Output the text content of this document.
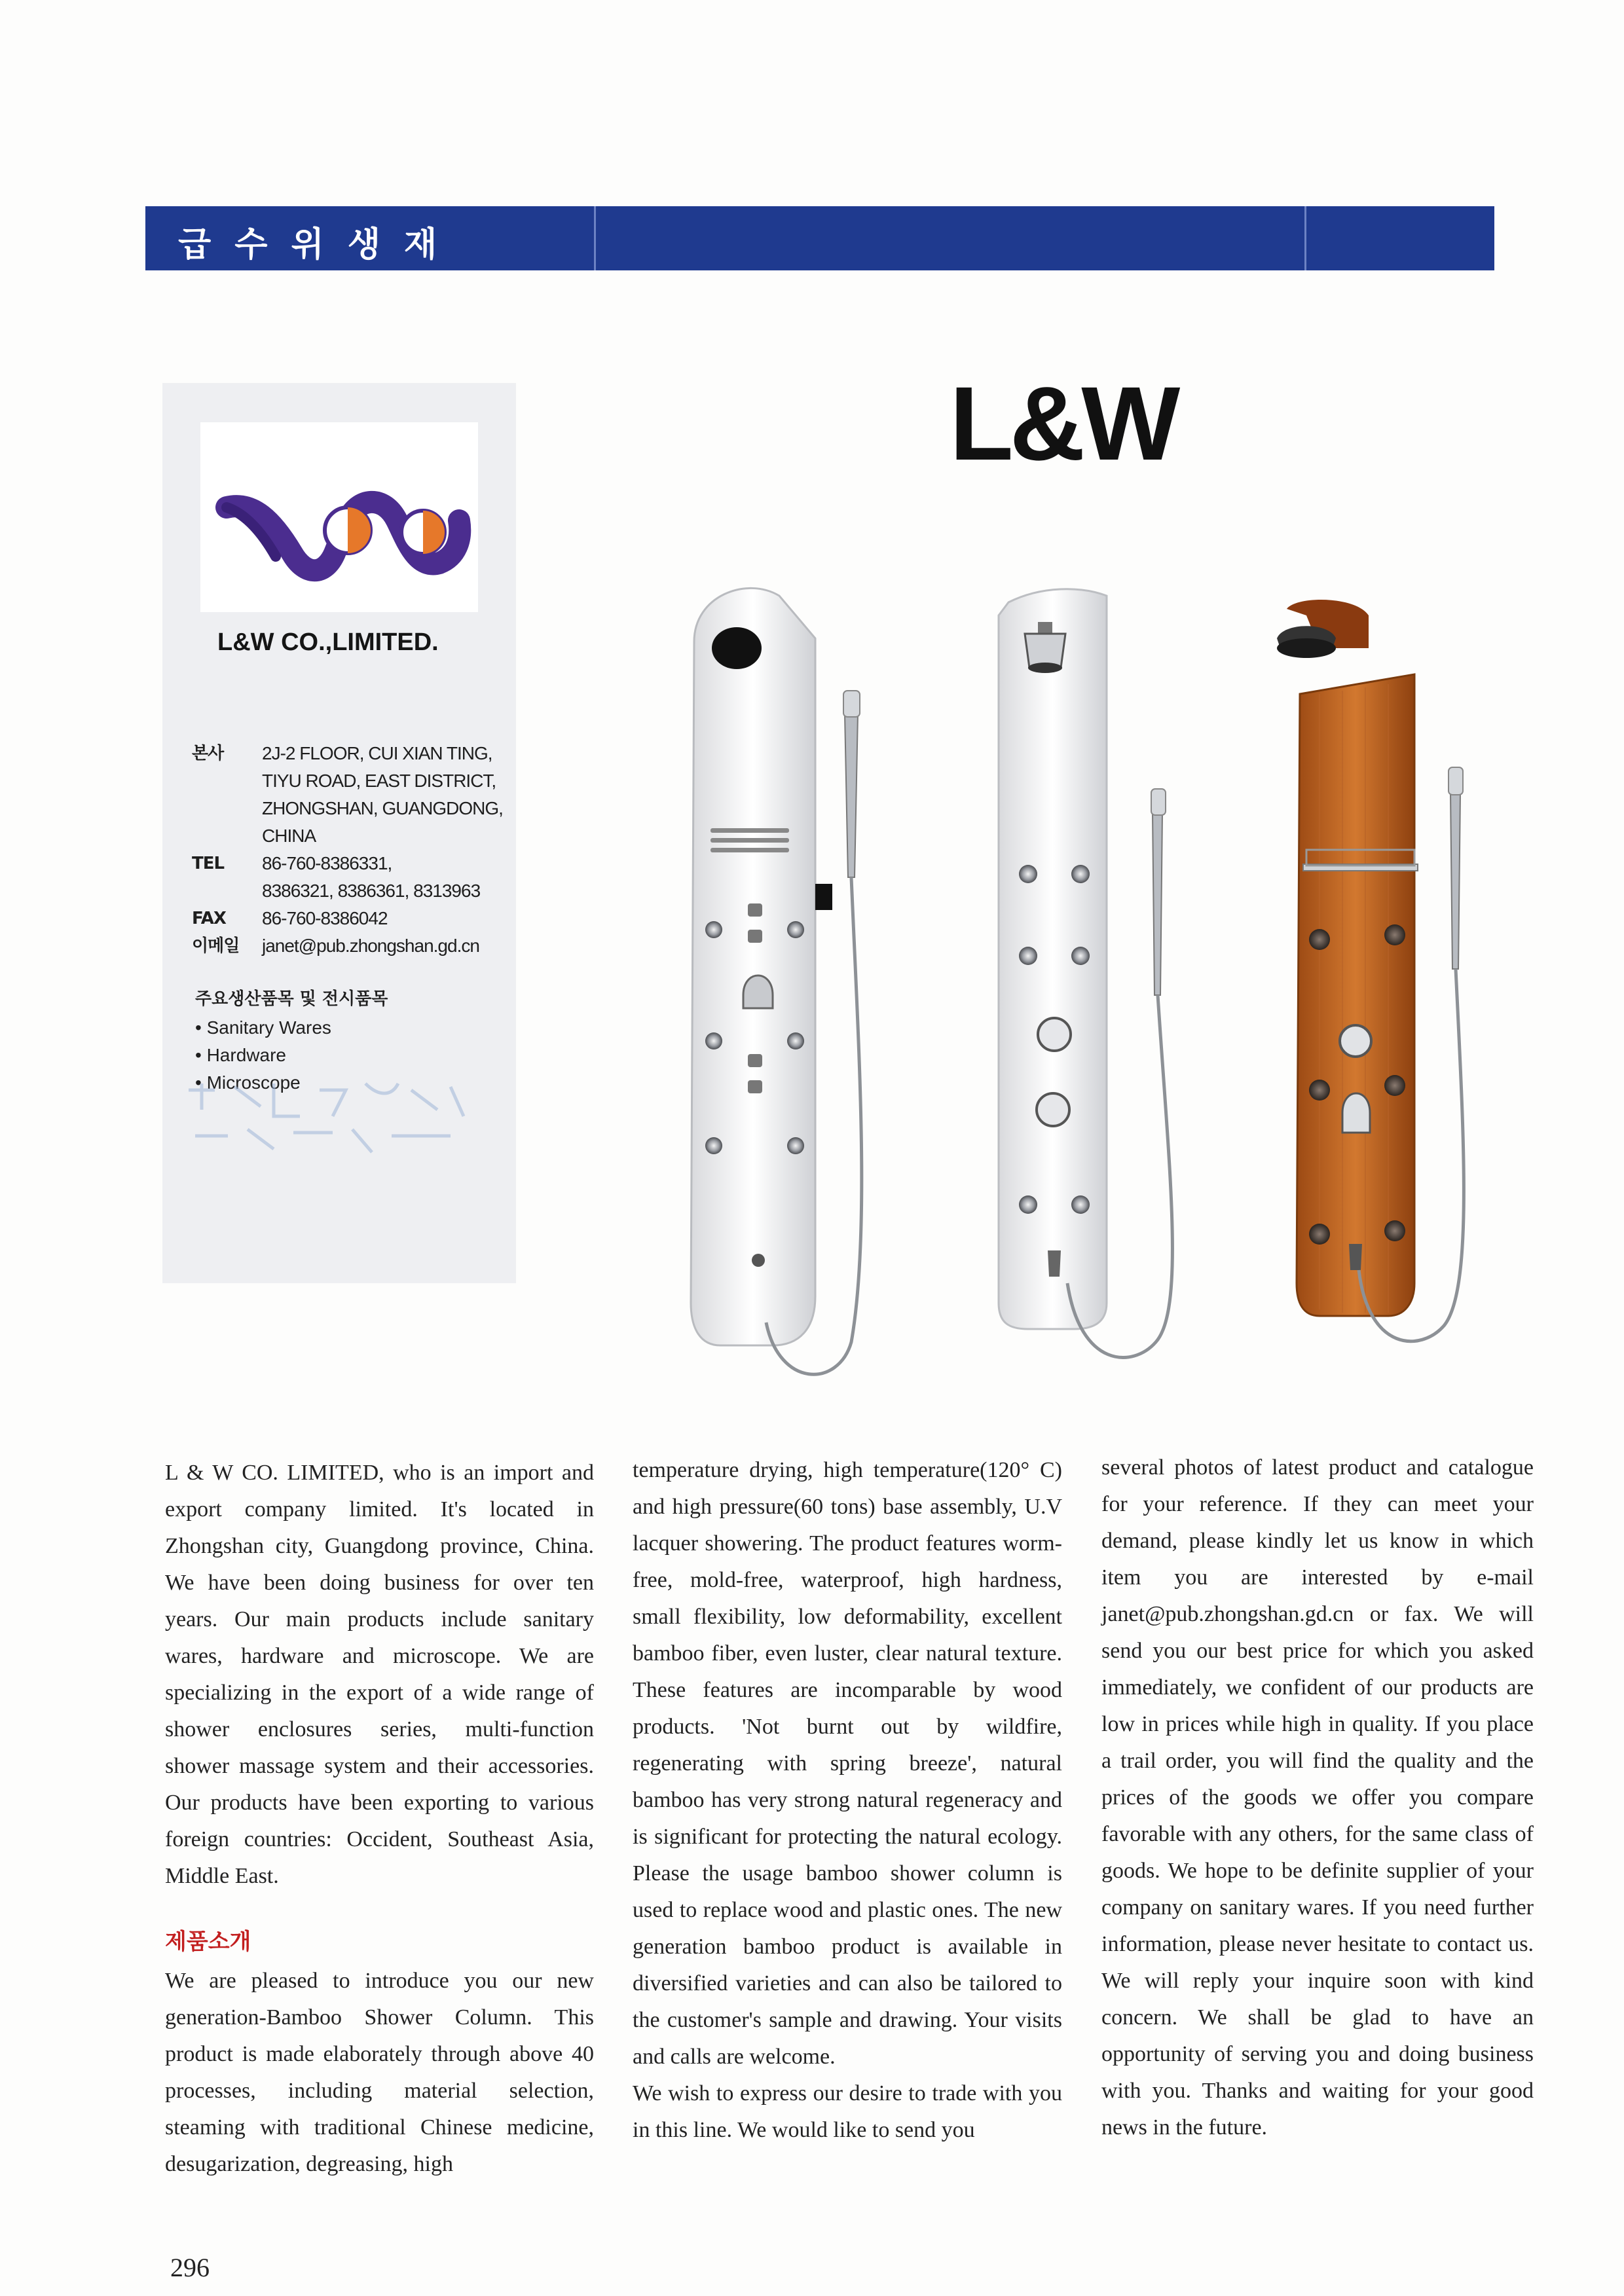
급수위생재
L&W
L&W CO.,LIMITED.
본사	2J-2 FLOOR, CUI XIAN TING,
TIYU ROAD, EAST DISTRICT,
ZHONGSHAN, GUANGDONG,
CHINA
TEL	86-760-8386331,
8386321, 8386361, 8313963
FAX	86-760-8386042
이메일	janet@pub.zhongshan.gd.cn
주요생산품목 및 전시품목
• Sanitary Wares
• Hardware
• Microscope

L & W CO. LIMITED, who is an import and export company limited. It's located in Zhongshan city, Guangdong province, China. We have been doing business for over ten years. Our main products include sanitary wares, hardware and microscope. We are specializing in the export of a wide range of shower enclosures series, multi-function shower massage system and their accessories. Our products have been exporting to various foreign countries: Occident, Southeast Asia, Middle East.

제품소개

We are pleased to introduce you our new generation-Bamboo Shower Column. This product is made elaborately through above 40 processes, including material selection, steaming with traditional Chinese medicine, desugarization, degreasing, high

temperature drying, high temperature(120° C) and high pressure(60 tons) base assembly, U.V lacquer showering. The product features worm-free, mold-free, waterproof, high hardness, small flexibility, low deformability, excellent bamboo fiber, even luster, clear natural texture. These features are incomparable by wood products. 'Not burnt out by wildfire, regenerating with spring breeze', natural bamboo has very strong natural regeneracy and is significant for protecting the natural ecology. Please the usage bamboo shower column is used to replace wood and plastic ones. The new generation bamboo product is available in diversified varieties and can also be tailored to the customer's sample and drawing. Your visits and calls are welcome.

We wish to express our desire to trade with you in this line. We would like to send you

several photos of latest product and catalogue for your reference. If they can meet your demand, please kindly let us know in which item you are interested by e-mail janet@pub.zhongshan.gd.cn or fax. We will send you our best price for which you asked immediately, we confident of our products are low in prices while high in quality. If you place a trail order, you will find the quality and the prices of the goods we offer you compare favorable with any others, for the same class of goods. We hope to be definite supplier of your company on sanitary wares. If you need further information, please never hesitate to contact us. We will reply your inquire soon with kind concern. We shall be glad to have an opportunity of serving you and doing business with you. Thanks and waiting for your good news in the future.

296
